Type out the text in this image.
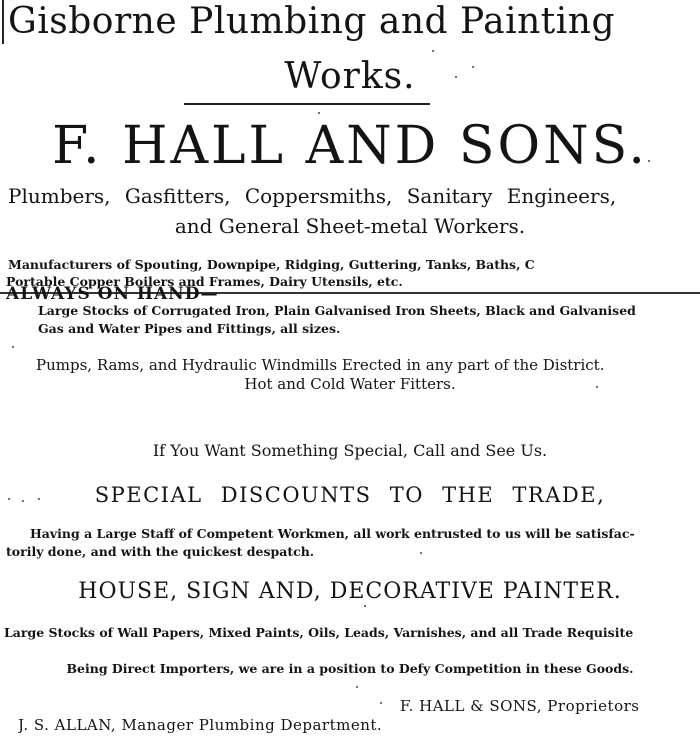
Gisborne Plumbing and Painting
Works.
F. HALL AND SONS.
Plumbers, Gasfitters, Coppersmiths, Sanitary Engineers,
and General Sheet-metal Workers.
Manufacturers of Spouting, Downpipe, Ridging, Guttering, Tanks, Baths, C
Portable Copper Boilers and Frames, Dairy Utensils, etc.
ALWAYS ON HAND—
Large Stocks of Corrugated Iron, Plain Galvanised Iron Sheets, Black and Galvanised
Gas and Water Pipes and Fittings, all sizes.
Pumps, Rams, and Hydraulic Windmills Erected in any part of the District.
Hot and Cold Water Fitters.
If You Want Something Special, Call and See Us.
SPECIAL DISCOUNTS TO THE TRADE,
Having a Large Staff of Competent Workmen, all work entrusted to us will be satisfac-
torily done, and with the quickest despatch.
HOUSE, SIGN AND, DECORATIVE PAINTER.
Large Stocks of Wall Papers, Mixed Paints, Oils, Leads, Varnishes, and all Trade Requisite
Being Direct Importers, we are in a position to Defy Competition in these Goods.
F. HALL & SONS, Proprietors
J. S. ALLAN, Manager Plumbing Department.
